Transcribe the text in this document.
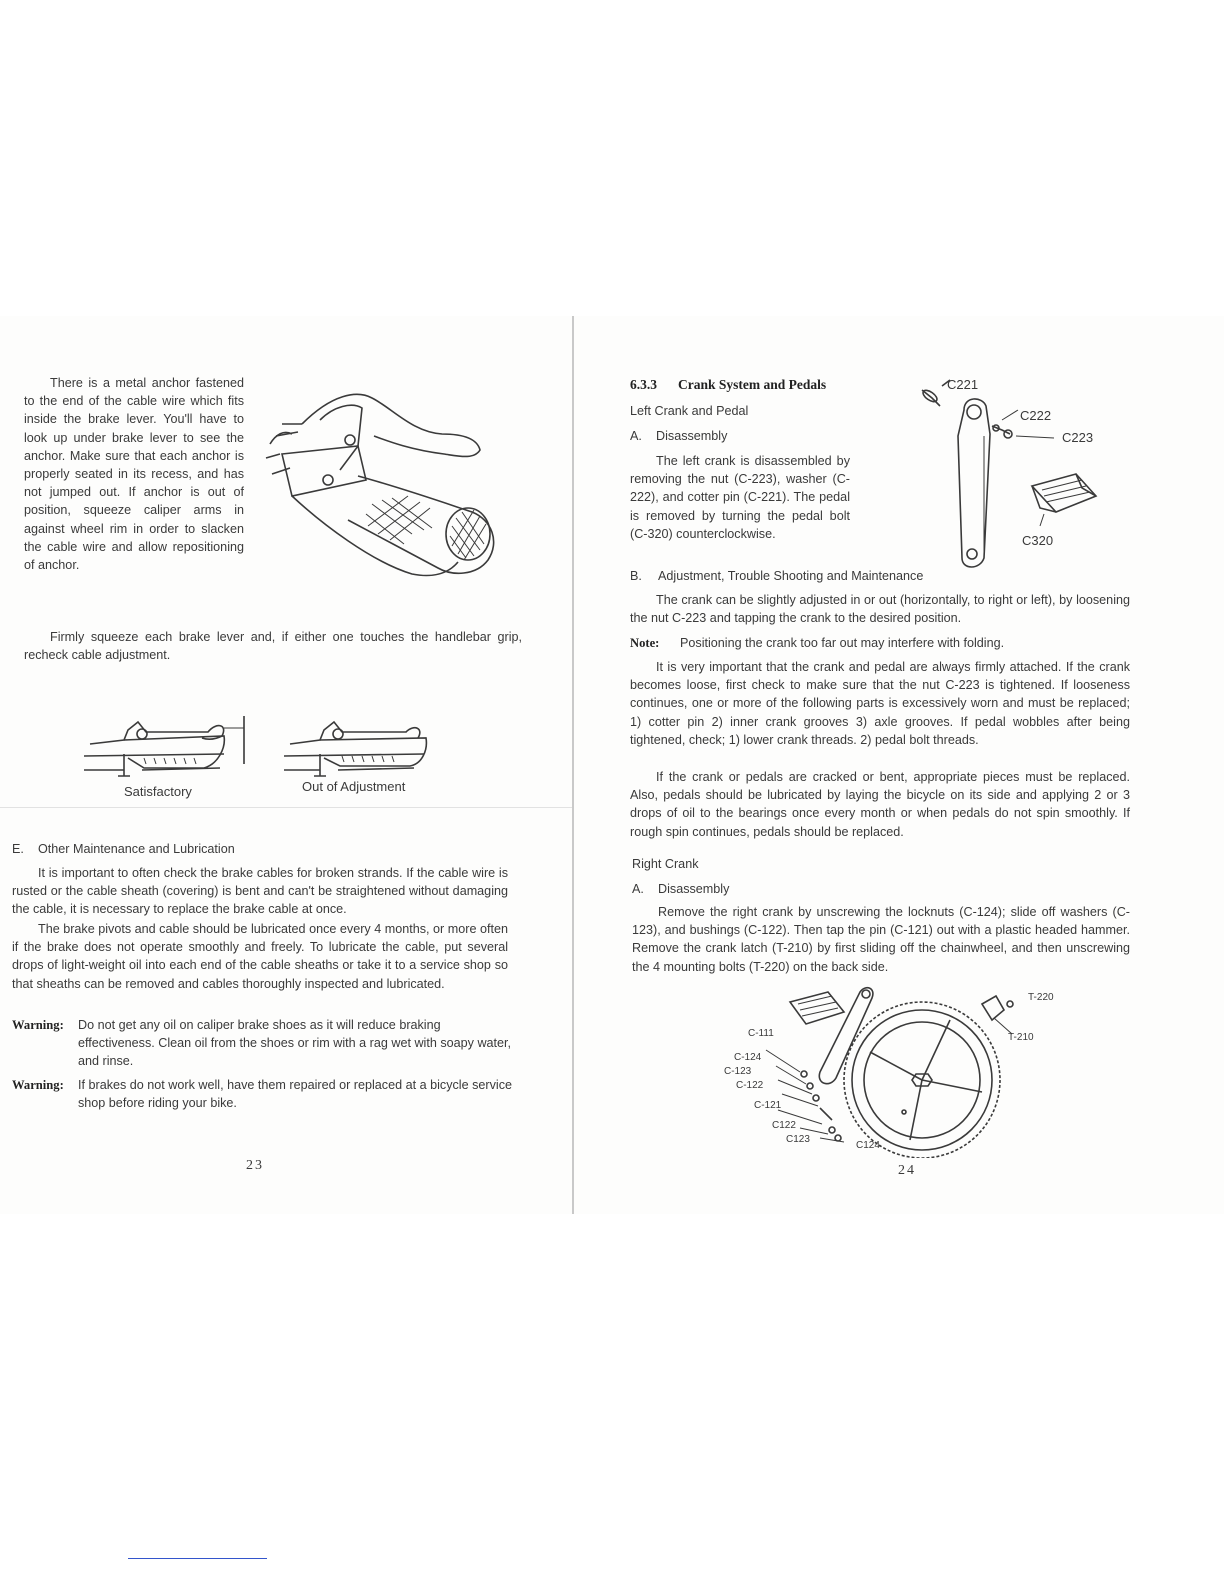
There is a metal anchor fastened to the end of the cable wire which fits inside the brake lever. You'll have to look up under brake lever to see the anchor. Make sure that each anchor is properly seated in its recess, and has not jumped out. If anchor is out of position, squeeze caliper arms in against wheel rim in order to slacken the cable wire and allow repositioning of anchor.

Firmly squeeze each brake lever and, if either one touches the handlebar grip, recheck cable adjustment.

Satisfactory	Out of Adjustment
E. Other Maintenance and Lubrication

It is important to often check the brake cables for broken strands. If the cable wire is rusted or the cable sheath (covering) is bent and can't be straightened without damaging the cable, it is necessary to replace the brake cable at once.

The brake pivots and cable should be lubricated once every 4 months, or more often if the brake does not operate smoothly and freely. To lubricate the cable, put several drops of light-weight oil into each end of the cable sheaths or take it to a service shop so that sheaths can be removed and cables thoroughly inspected and lubricated.

Warning:	Do not get any oil on caliper brake shoes as it will reduce braking effectiveness. Clean oil from the shoes or rim with a rag wet with soapy water, and rinse.
Warning:	If brakes do not work well, have them repaired or replaced at a bicycle service shop before riding your bike.
23
6.3.3 Crank System and Pedals
Left Crank and Pedal
A. Disassembly

The left crank is disassembled by removing the nut (C-223), washer (C-222), and cotter pin (C-221). The pedal is removed by turning the pedal bolt (C-320) counterclockwise.

C221
C222
C223
C320
B. Adjustment, Trouble Shooting and Maintenance

The crank can be slightly adjusted in or out (horizontally, to right or left), by loosening the nut C-223 and tapping the crank to the desired position.

Note:	Positioning the crank too far out may interfere with folding.

It is very important that the crank and pedal are always firmly attached. If the crank becomes loose, first check to make sure that the nut C-223 is tightened. If looseness continues, one or more of the following parts is excessively worn and must be replaced; 1) cotter pin 2) inner crank grooves 3) axle grooves. If pedal wobbles after being tightened, check; 1) lower crank threads. 2) pedal bolt threads.

If the crank or pedals are cracked or bent, appropriate pieces must be replaced. Also, pedals should be lubricated by laying the bicycle on its side and applying 2 or 3 drops of oil to the bearings once every month or when pedals do not spin smoothly. If rough spin continues, pedals should be replaced.

Right Crank
A. Disassembly

Remove the right crank by unscrewing the locknuts (C-124); slide off washers (C-123), and bushings (C-122). Then tap the pin (C-121) out with a plastic headed hammer. Remove the crank latch (T-210) by first sliding off the chainwheel, and then unscrewing the 4 mounting bolts (T-220) on the back side.

T-220
T-210
C-111
C-124
C-123
C-122
C-121
C122
C123
C124
24
